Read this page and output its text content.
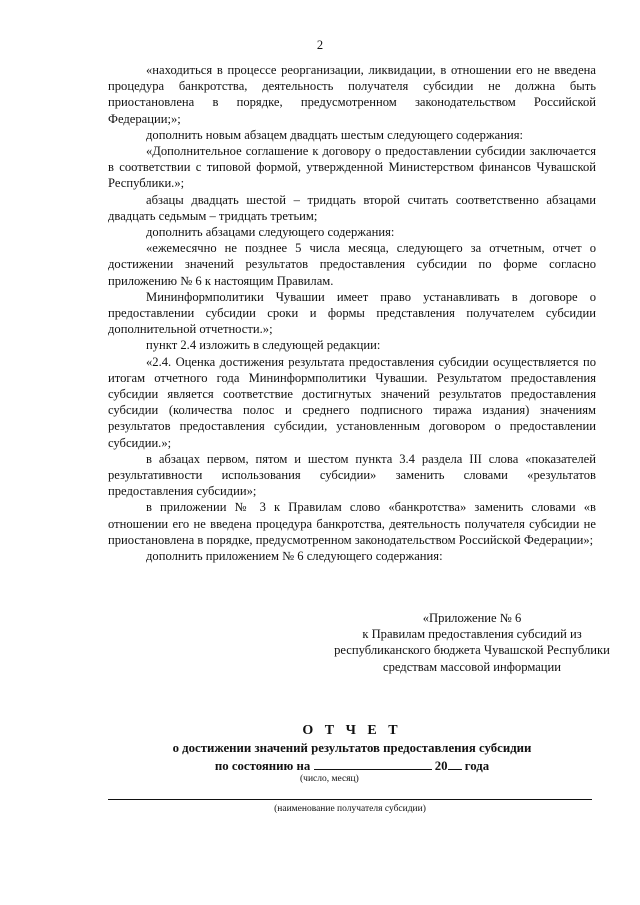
2

«находиться в процессе реорганизации, ликвидации, в отношении его не введена процедура банкротства, деятельность получателя субсидии не должна быть приостановлена в порядке, предусмотренном законодательством Российской Федерации;»;

дополнить новым абзацем двадцать шестым следующего содержания:

«Дополнительное соглашение к договору о предоставлении субсидии заключается в соответствии с типовой формой, утвержденной Министерством финансов Чувашской Республики.»;

абзацы двадцать шестой – тридцать второй считать соответственно абзацами двадцать седьмым – тридцать третьим;

дополнить абзацами следующего содержания:

«ежемесячно не позднее 5 числа месяца, следующего за отчетным, отчет о достижении значений результатов предоставления субсидии по форме согласно приложению № 6 к настоящим Правилам.

Мининформполитики Чувашии имеет право устанавливать в договоре о предоставлении субсидии сроки и формы представления получателем субсидии дополнительной отчетности.»;

пункт 2.4 изложить в следующей редакции:

«2.4. Оценка достижения результата предоставления субсидии осуществляется по итогам отчетного года Мининформполитики Чувашии. Результатом предоставления субсидии является соответствие достигнутых значений результатов предоставления субсидии (количества полос и среднего подписного тиража издания) значениям результатов предоставления субсидии, установленным договором о предоставлении субсидии.»;

в абзацах первом, пятом и шестом пункта 3.4 раздела III слова «показателей результативности использования субсидии» заменить словами «результатов предоставления субсидии»;

в приложении № 3 к Правилам слово «банкротства» заменить словами «в отношении его не введена процедура банкротства, деятельность получателя субсидии не приостановлена в порядке, предусмотренном законодательством Российской Федерации»;

дополнить приложением № 6 следующего содержания:

«Приложение № 6
к Правилам предоставления субсидий из республиканского бюджета Чувашской Республики средствам массовой информации
О Т Ч Е Т
о достижении значений результатов предоставления субсидии
по состоянию на	20 года
(число, месяц)
(наименование получателя субсидии)
